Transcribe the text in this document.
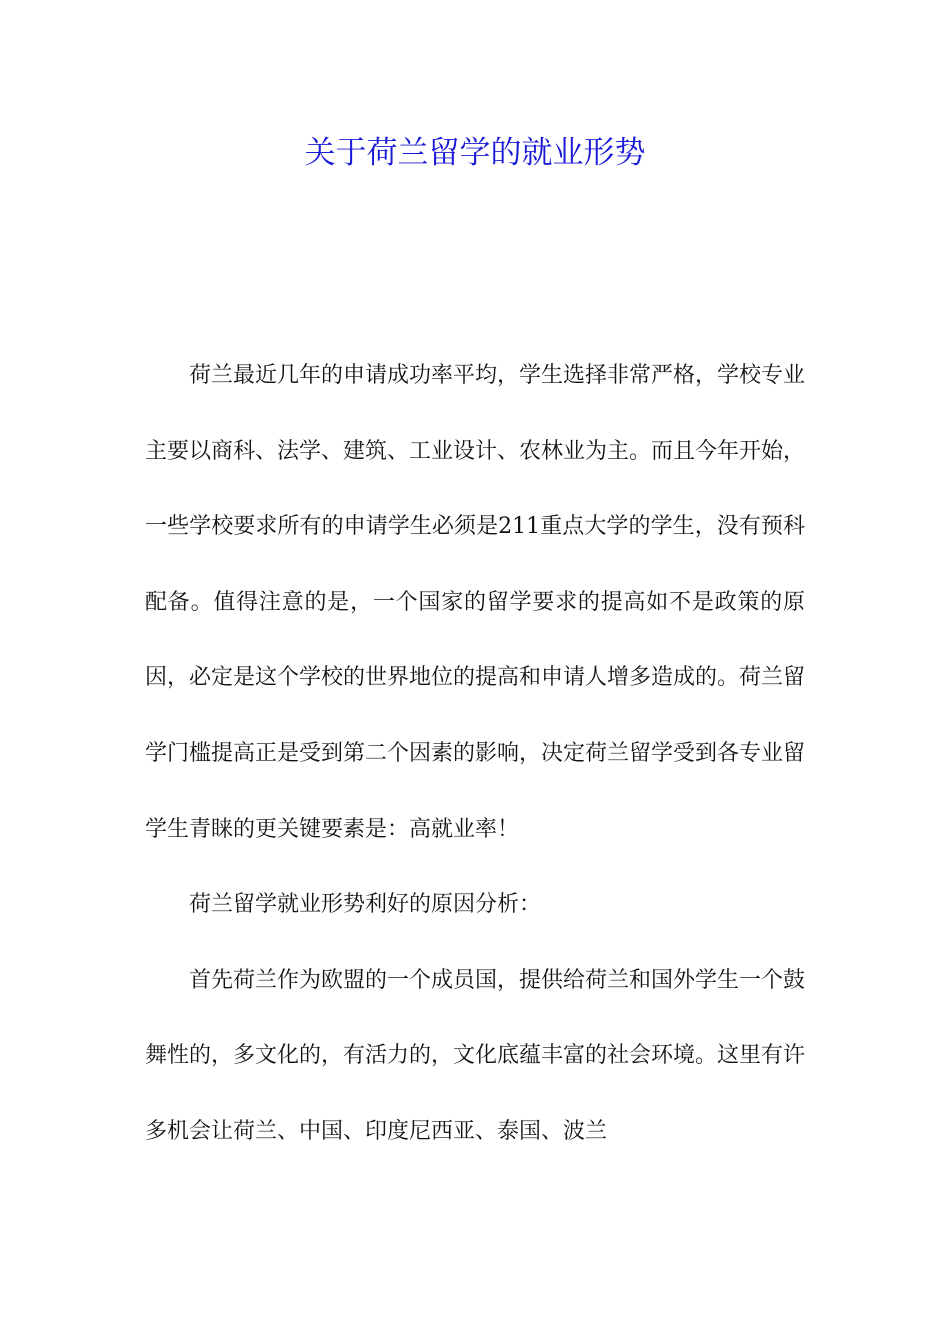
关于荷兰留学的就业形势

荷兰最近几年的申请成功率平均，学生选择非常严格，学校专业主要以商科、法学、建筑、工业设计、农林业为主。而且今年开始，一些学校要求所有的申请学生必须是211重点大学的学生，没有预科配备。值得注意的是，一个国家的留学要求的提高如不是政策的原因，必定是这个学校的世界地位的提高和申请人增多造成的。荷兰留学门槛提高正是受到第二个因素的影响，决定荷兰留学受到各专业留学生青睐的更关键要素是：高就业率！

荷兰留学就业形势利好的原因分析：

首先荷兰作为欧盟的一个成员国，提供给荷兰和国外学生一个鼓舞性的，多文化的，有活力的，文化底蕴丰富的社会环境。这里有许多机会让荷兰、中国、印度尼西亚、泰国、波兰
